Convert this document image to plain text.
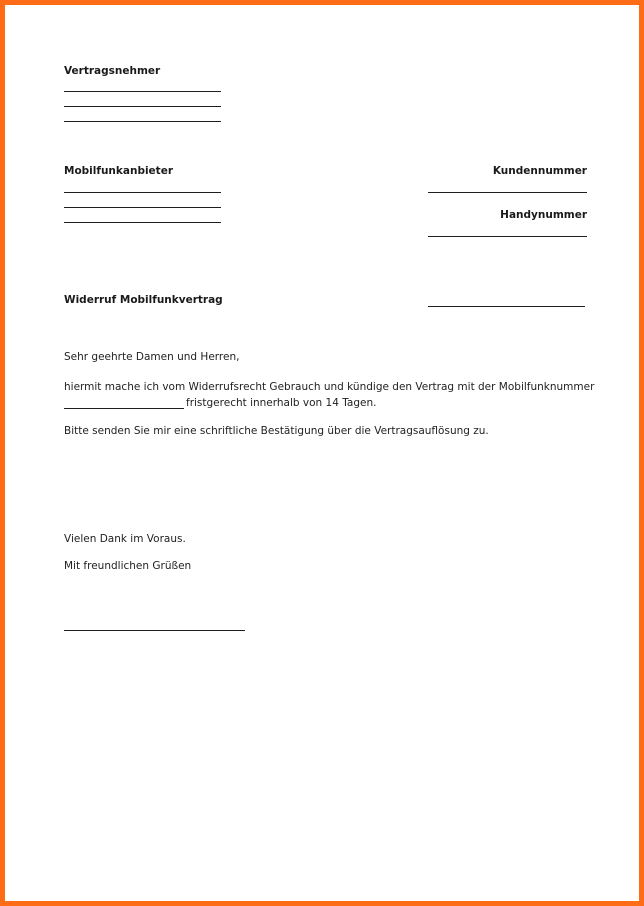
Vertragsnehmer
Mobilfunkanbieter	Kundennummer
Handynummer
Widerruf Mobilfunkvertrag
Sehr geehrte Damen und Herren,
hiermit mache ich vom Widerrufsrecht Gebrauch und kündige den Vertrag mit der Mobilfunknummer
fristgerecht innerhalb von 14 Tagen.
Bitte senden Sie mir eine schriftliche Bestätigung über die Vertragsauflösung zu.
Vielen Dank im Voraus.
Mit freundlichen Grüßen
